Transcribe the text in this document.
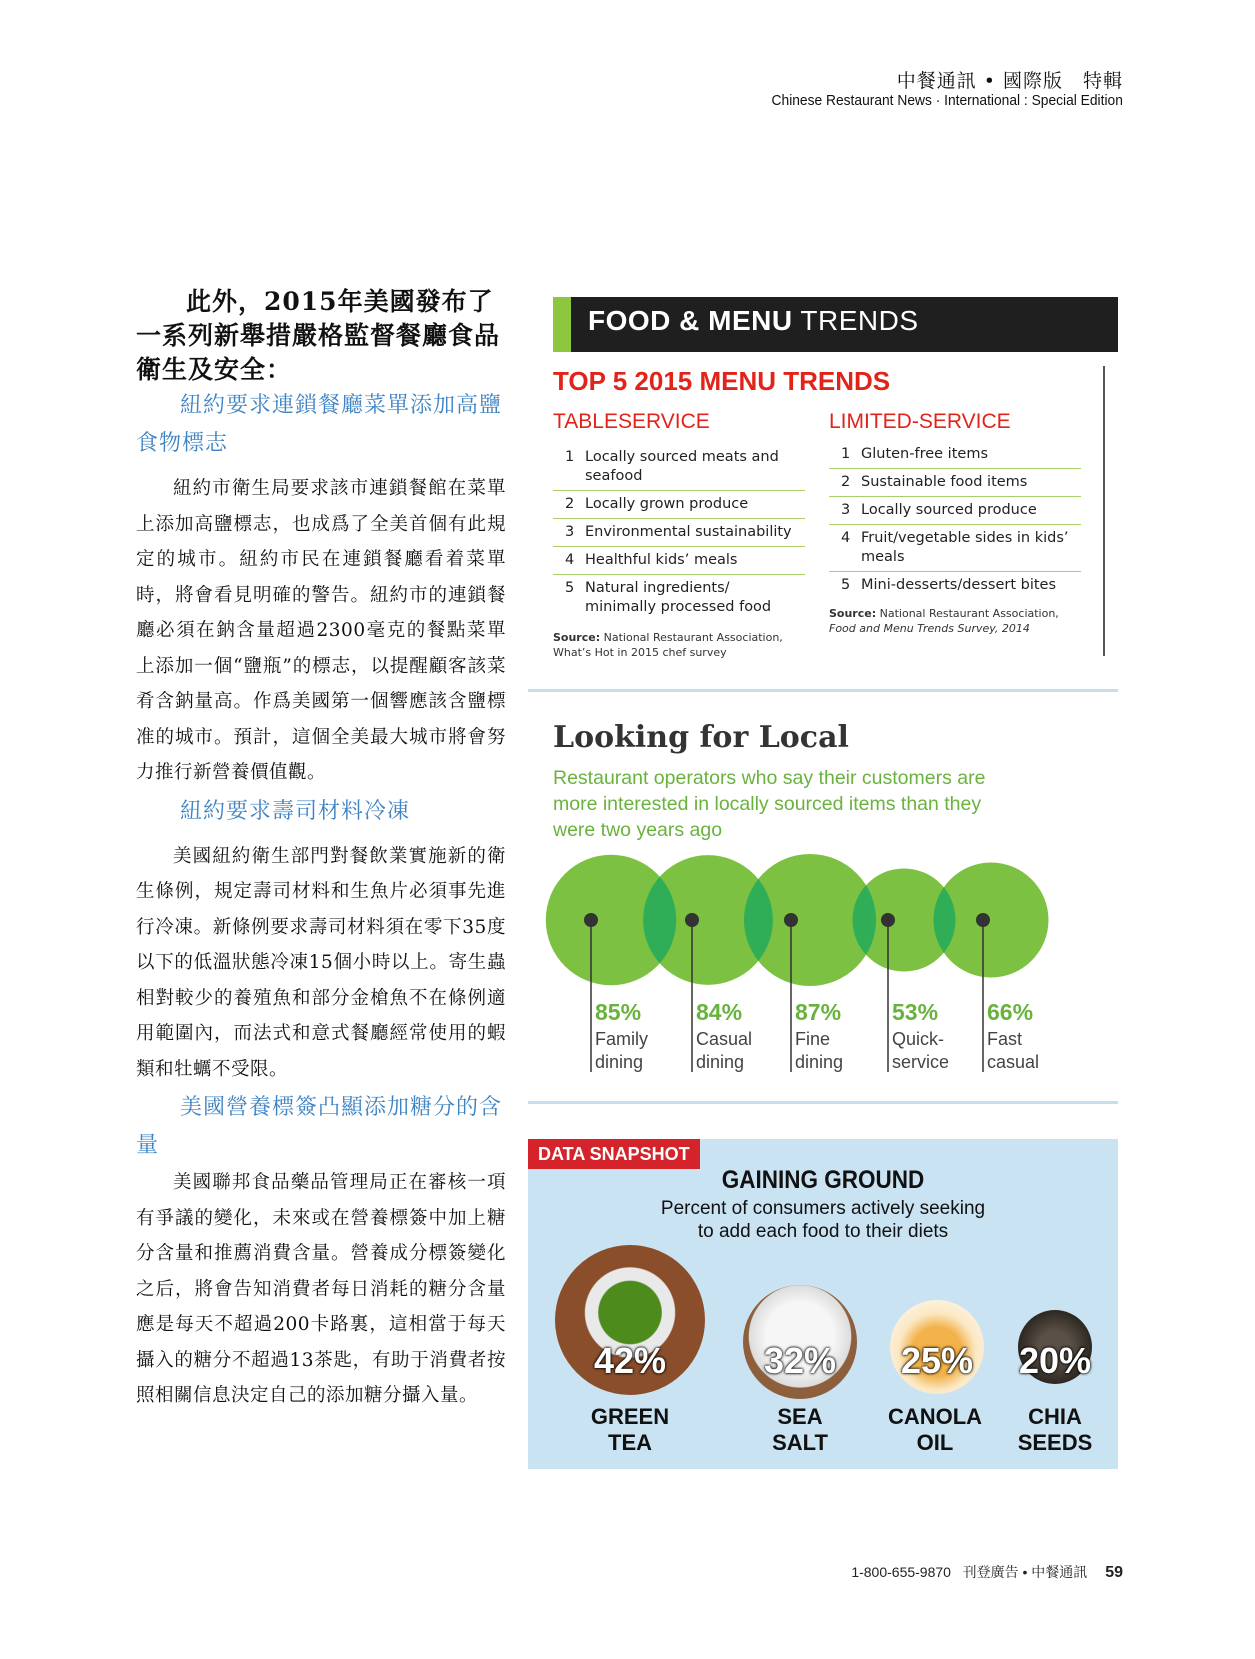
中餐通訊 • 國際版　特輯
Chinese Restaurant News · International : Special Edition

此外，2015年美國發布了一系列新舉措嚴格監督餐廳食品衛生及安全：

紐約要求連鎖餐廳菜單添加高鹽食物標志

紐約市衛生局要求該市連鎖餐館在菜單上添加高鹽標志，也成爲了全美首個有此規定的城市。紐約市民在連鎖餐廳看着菜單時，將會看見明確的警告。紐約市的連鎖餐廳必須在鈉含量超過2300毫克的餐點菜單上添加一個“鹽瓶”的標志，以提醒顧客該菜肴含鈉量高。作爲美國第一個響應該含鹽標准的城市。預計，這個全美最大城市將會努力推行新營養價值觀。

紐約要求壽司材料冷凍

美國紐約衛生部門對餐飲業實施新的衛生條例，規定壽司材料和生魚片必須事先進行冷凍。新條例要求壽司材料須在零下35度以下的低溫狀態冷凍15個小時以上。寄生蟲相對較少的養殖魚和部分金槍魚不在條例適用範圍內，而法式和意式餐廳經常使用的蝦類和牡蠣不受限。

美國營養標簽凸顯添加糖分的含量

美國聯邦食品藥品管理局正在審核一項有爭議的變化，未來或在營養標簽中加上糖分含量和推薦消費含量。營養成分標簽變化之后，將會告知消費者每日消耗的糖分含量應是每天不超過200卡路裏，這相當于每天攝入的糖分不超過13茶匙，有助于消費者按照相關信息決定自己的添加糖分攝入量。

FOOD & MENU TRENDS
TOP 5 2015 MENU TRENDS
TABLESERVICE
1 Locally sourced meats and seafood
2 Locally grown produce
3 Environmental sustainability
4 Healthful kids’ meals
5 Natural ingredients/ minimally processed food
Source: National Restaurant Association, What’s Hot in 2015 chef survey
LIMITED-SERVICE
1 Gluten-free items
2 Sustainable food items
3 Locally sourced produce
4 Fruit/vegetable sides in kids’ meals
5 Mini-desserts/dessert bites
Source: National Restaurant Association,
Food and Menu Trends Survey, 2014
Looking for Local
Restaurant operators who say their customers are more interested in locally sourced items than they were two years ago
85%
Family
dining
84%
Casual
dining
87%
Fine
dining
53%
Quick-
service
66%
Fast
casual
DATA SNAPSHOT
GAINING GROUND
Percent of consumers actively seeking
to add each food to their diets
42%	32%	25%	20%
GREEN
TEA
SEA
SALT
CANOLA
OIL
CHIA
SEEDS
1-800-655-9870 刊登廣告 • 中餐通訊 59
